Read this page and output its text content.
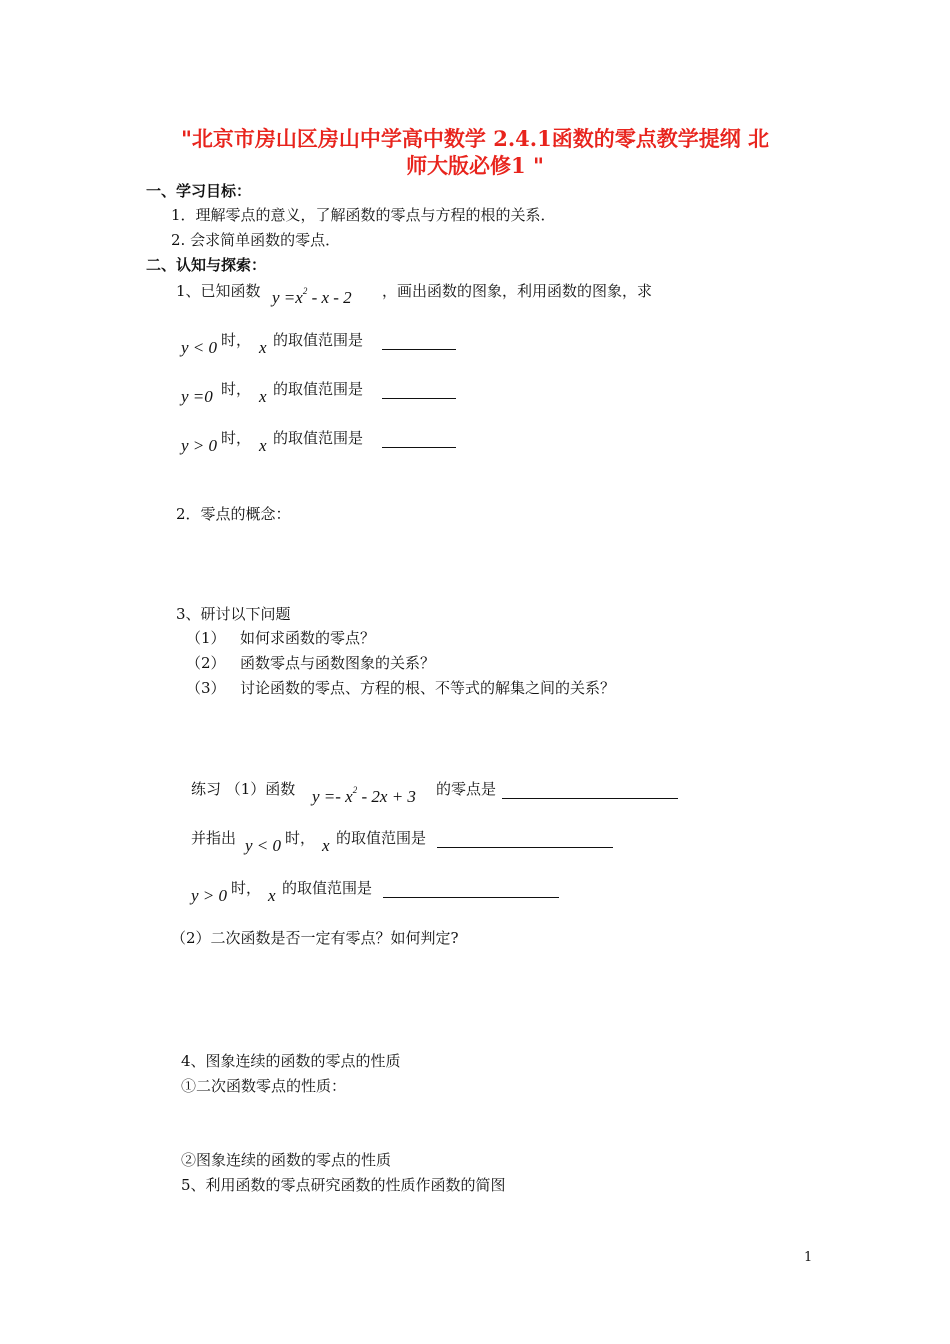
"北京市房山区房山中学高中数学 2.4.1函数的零点教学提纲 北
师大版必修1 "
一、学习目标：
1．理解零点的意义，了解函数的零点与方程的根的关系．
2. 会求简单函数的零点．
二、认知与探索：
1、已知函数 $y =x^2 - x - 2$ ，画出函数的图象，利用函数的图象，求
y < 0 时， x 的取值范围是
y =0 时， x 的取值范围是
y > 0 时， x 的取值范围是
2．零点的概念：
3、研讨以下问题
（1） 如何求函数的零点？
（2） 函数零点与函数图象的关系？
（3） 讨论函数的零点、方程的根、不等式的解集之间的关系？
练习 （1）函数 $y =- x^2 - 2x + 3$ 的零点是
并指出 y < 0 时， x 的取值范围是
y > 0 时， x 的取值范围是
（2）二次函数是否一定有零点？如何判定?
4、图象连续的函数的零点的性质
①二次函数零点的性质：
②图象连续的函数的零点的性质
5、利用函数的零点研究函数的性质作函数的简图
1
